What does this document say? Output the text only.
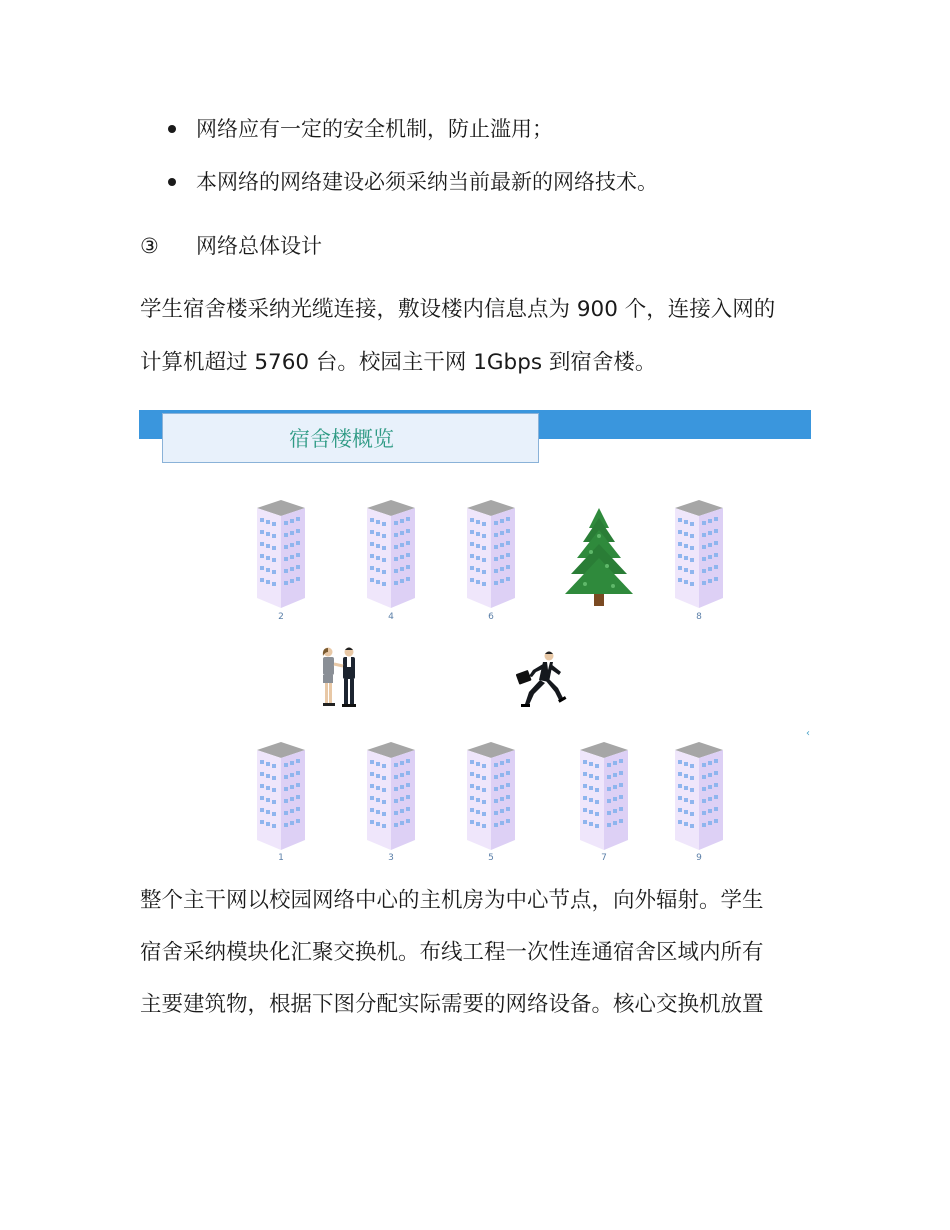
网络应有一定的安全机制，防止滥用；
本网络的网络建设必须采纳当前最新的网络技术。
③ 网络总体设计
学生宿舍楼采纳光缆连接，敷设楼内信息点为 900 个，连接入网的
计算机超过 5760 台。校园主干网 1Gbps 到宿舍楼。
宿舍楼概览
2	4	6	8
‹
1	3	5	7	9
整个主干网以校园网络中心的主机房为中心节点，向外辐射。学生
宿舍采纳模块化汇聚交换机。布线工程一次性连通宿舍区域内所有
主要建筑物，根据下图分配实际需要的网络设备。核心交换机放置
